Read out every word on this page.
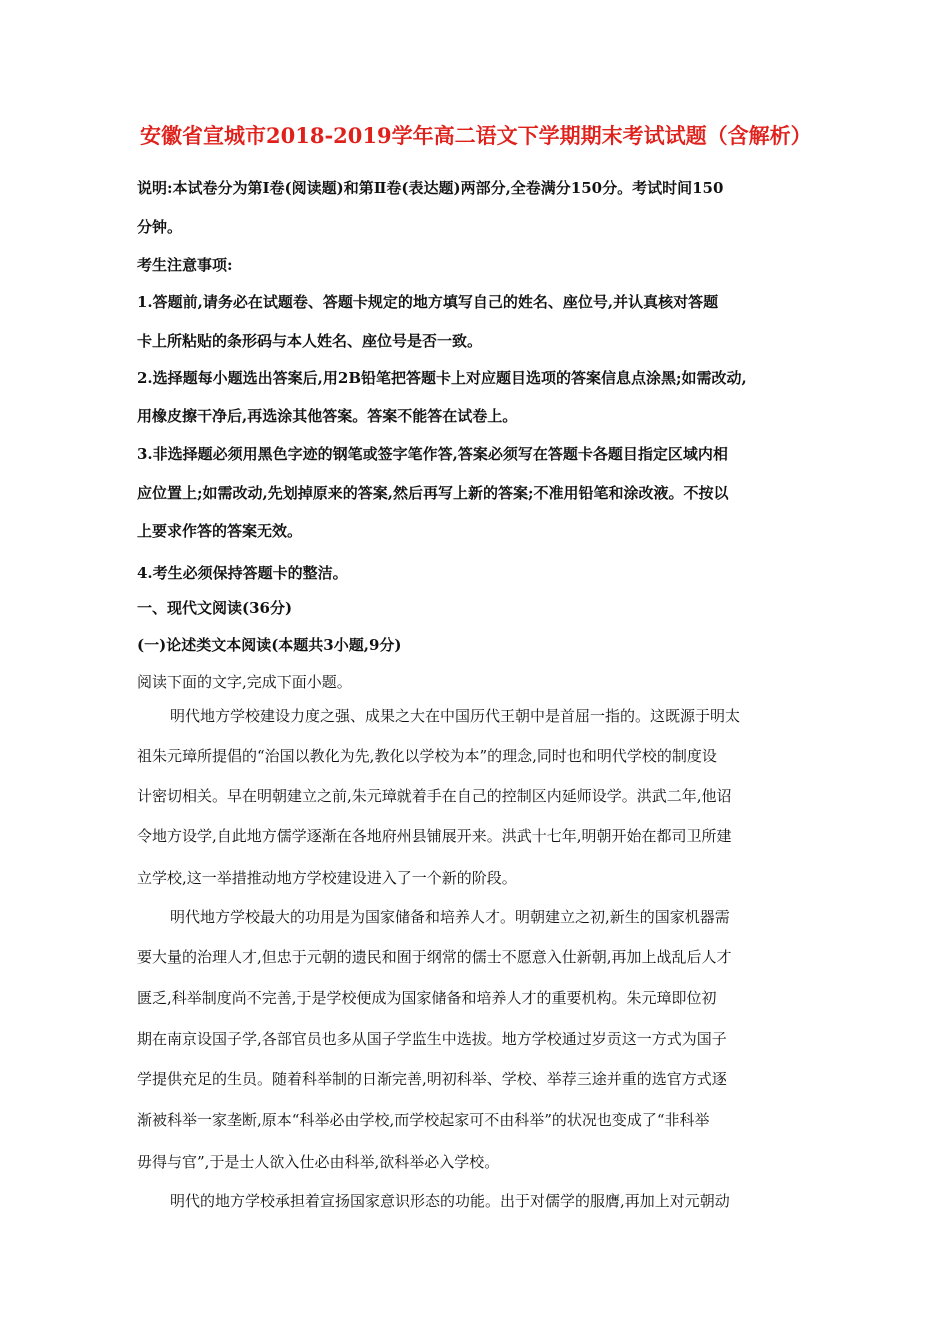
安徽省宣城市2018-2019学年高二语文下学期期末考试试题（含解析）
说明:本试卷分为第Ⅰ卷(阅读题)和第Ⅱ卷(表达题)两部分,全卷满分150分。考试时间150
分钟。
考生注意事项:
1.答题前,请务必在试题卷、答题卡规定的地方填写自己的姓名、座位号,并认真核对答题
卡上所粘贴的条形码与本人姓名、座位号是否一致。
2.选择题每小题选出答案后,用2B铅笔把答题卡上对应题目选项的答案信息点涂黑;如需改动,
用橡皮擦干净后,再选涂其他答案。答案不能答在试卷上。
3.非选择题必须用黑色字迹的钢笔或签字笔作答,答案必须写在答题卡各题目指定区域内相
应位置上;如需改动,先划掉原来的答案,然后再写上新的答案;不准用铅笔和涂改液。不按以
上要求作答的答案无效。
4.考生必须保持答题卡的整洁。
一、现代文阅读(36分)
(一)论述类文本阅读(本题共3小题,9分)
阅读下面的文字,完成下面小题。
明代地方学校建设力度之强、成果之大在中国历代王朝中是首屈一指的。这既源于明太
祖朱元璋所提倡的“治国以教化为先,教化以学校为本”的理念,同时也和明代学校的制度设
计密切相关。早在明朝建立之前,朱元璋就着手在自己的控制区内延师设学。洪武二年,他诏
令地方设学,自此地方儒学逐渐在各地府州县铺展开来。洪武十七年,明朝开始在都司卫所建
立学校,这一举措推动地方学校建设进入了一个新的阶段。
明代地方学校最大的功用是为国家储备和培养人才。明朝建立之初,新生的国家机器需
要大量的治理人才,但忠于元朝的遗民和囿于纲常的儒士不愿意入仕新朝,再加上战乱后人才
匮乏,科举制度尚不完善,于是学校便成为国家储备和培养人才的重要机构。朱元璋即位初
期在南京设国子学,各部官员也多从国子学监生中选拔。地方学校通过岁贡这一方式为国子
学提供充足的生员。随着科举制的日渐完善,明初科举、学校、举荐三途并重的选官方式逐
渐被科举一家垄断,原本“科举必由学校,而学校起家可不由科举”的状况也变成了“非科举
毋得与官”,于是士人欲入仕必由科举,欲科举必入学校。
明代的地方学校承担着宣扬国家意识形态的功能。出于对儒学的服膺,再加上对元朝动
